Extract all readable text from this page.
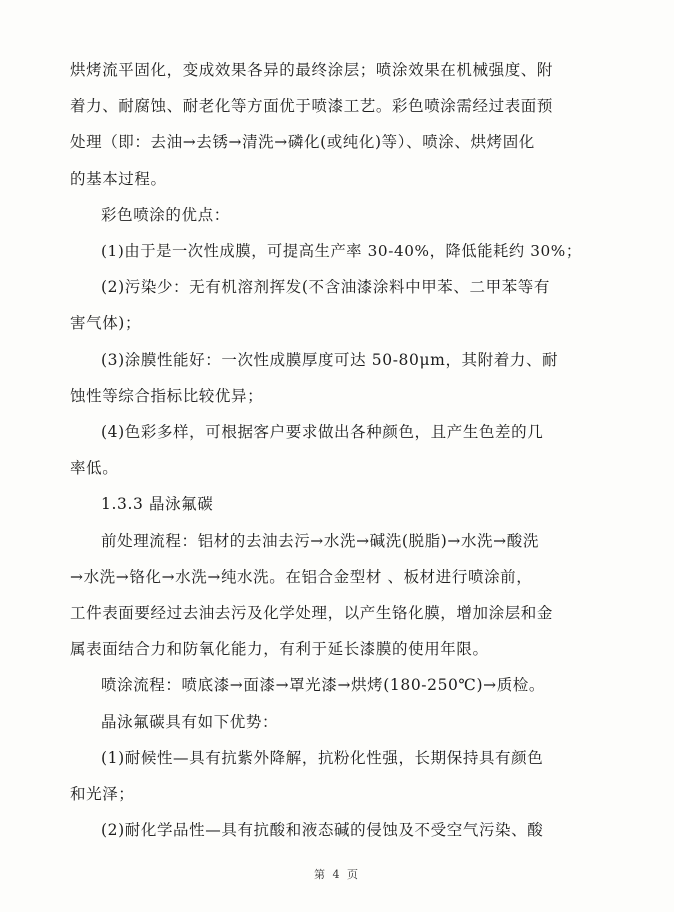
烘烤流平固化，变成效果各异的最终涂层；喷涂效果在机械强度、附
着力、耐腐蚀、耐老化等方面优于喷漆工艺。彩色喷涂需经过表面预
处理（即：去油→去锈→清洗→磷化(或纯化)等）、喷涂、烘烤固化
的基本过程。
彩色喷涂的优点：
(1)由于是一次性成膜，可提高生产率 30-40%，降低能耗约 30%；
(2)污染少：无有机溶剂挥发(不含油漆涂料中甲苯、二甲苯等有
害气体)；
(3)涂膜性能好：一次性成膜厚度可达 50-80μm，其附着力、耐
蚀性等综合指标比较优异；
(4)色彩多样，可根据客户要求做出各种颜色，且产生色差的几
率低。
1.3.3 晶泳氟碳
前处理流程：铝材的去油去污→水洗→碱洗(脱脂)→水洗→酸洗
→水洗→铬化→水洗→纯水洗。在铝合金型材 、板材进行喷涂前，
工件表面要经过去油去污及化学处理，以产生铬化膜，增加涂层和金
属表面结合力和防氧化能力，有利于延长漆膜的使用年限。
喷涂流程：喷底漆→面漆→罩光漆→烘烤(180-250℃)→质检。
晶泳氟碳具有如下优势：
(1)耐候性—具有抗紫外降解，抗粉化性强，长期保持具有颜色
和光泽；
(2)耐化学品性—具有抗酸和液态碱的侵蚀及不受空气污染、酸

第 4 页
